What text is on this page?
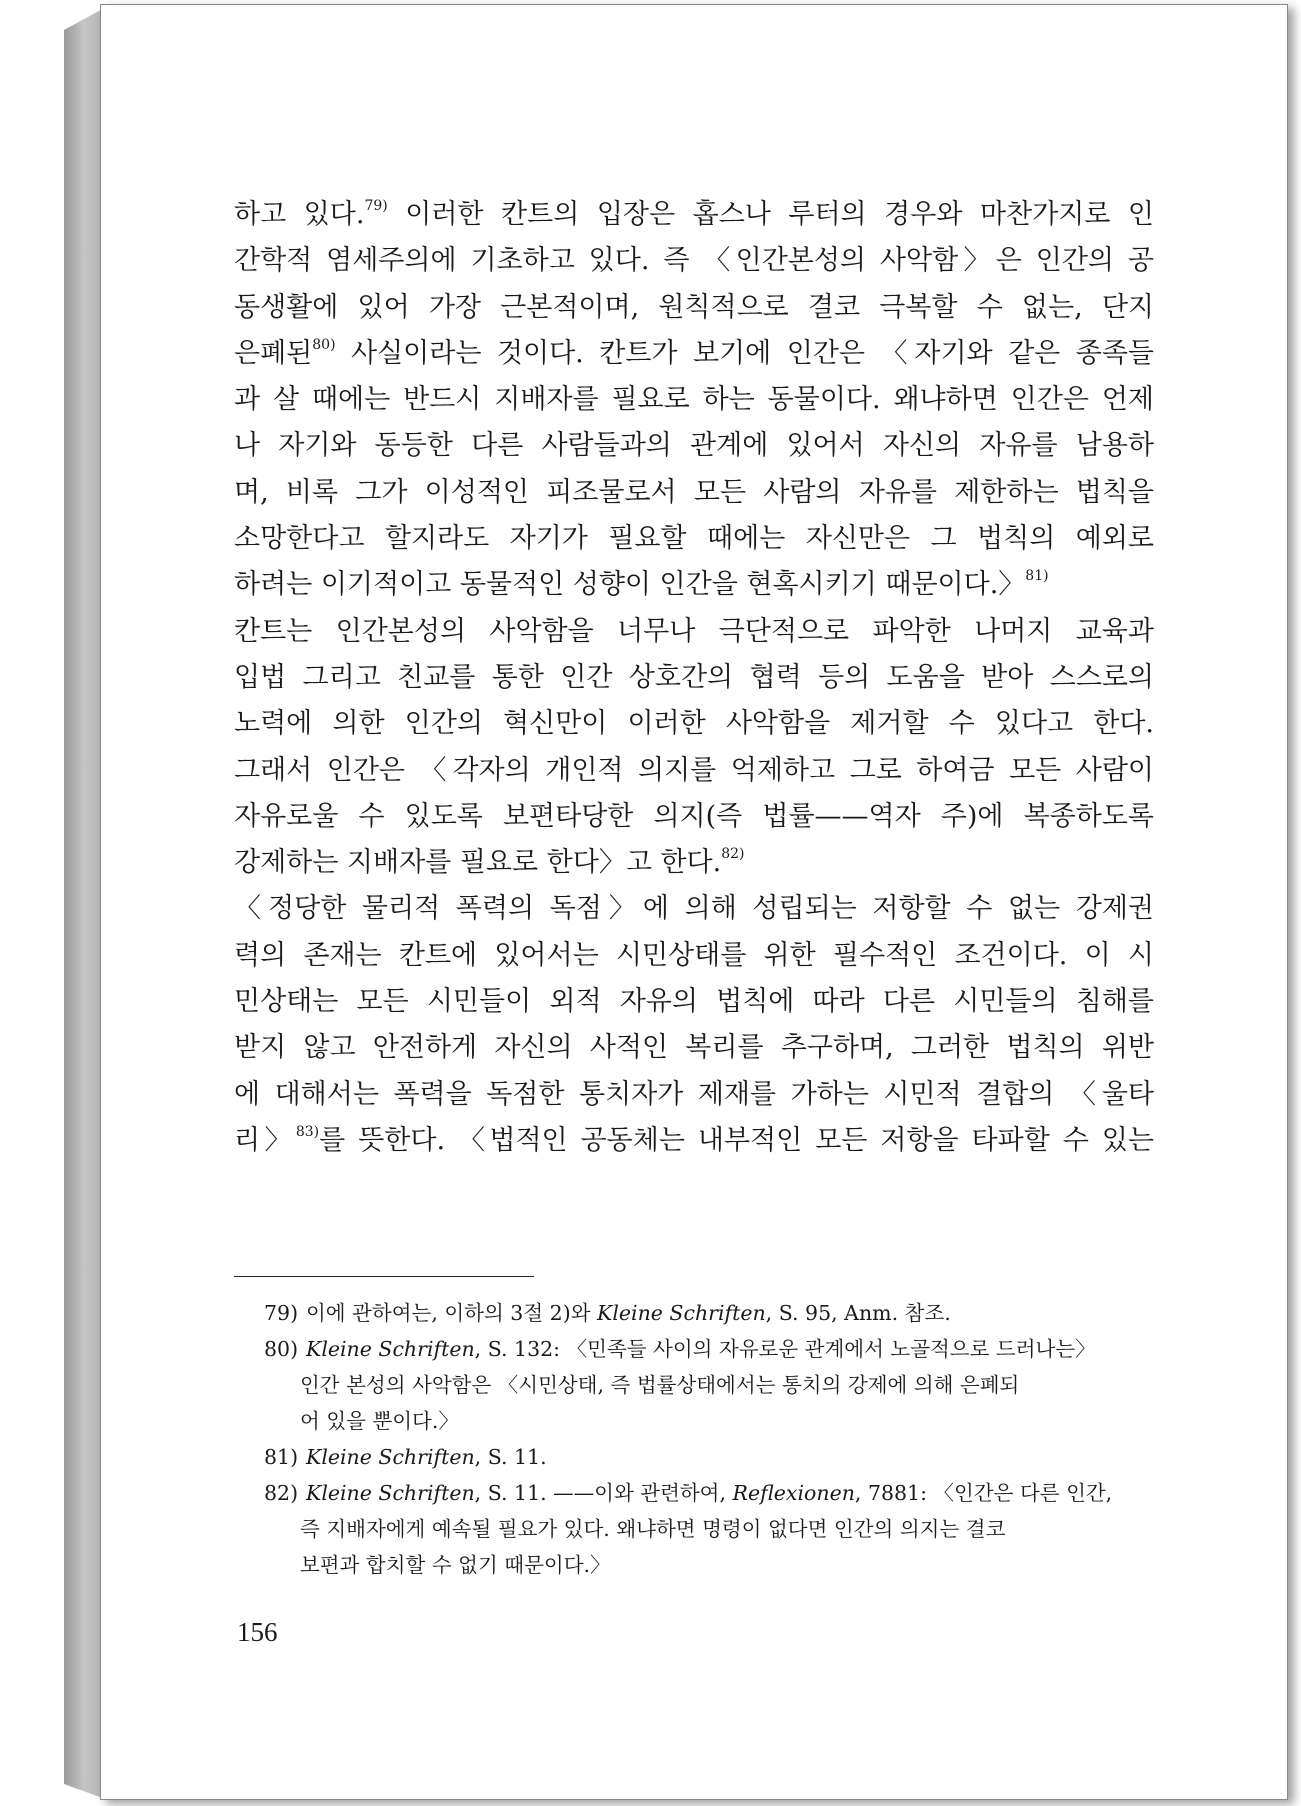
하고 있다.$^{79)}$ 이러한 칸트의 입장은 홉스나 루터의 경우와 마찬가지로 인
간학적 염세주의에 기초하고 있다. 즉 〈인간본성의 사악함〉은 인간의 공
동생활에 있어 가장 근본적이며, 원칙적으로 결코 극복할 수 없는, 단지
은폐된$^{80)}$ 사실이라는 것이다. 칸트가 보기에 인간은 〈자기와 같은 종족들
과 살 때에는 반드시 지배자를 필요로 하는 동물이다. 왜냐하면 인간은 언제
나 자기와 동등한 다른 사람들과의 관계에 있어서 자신의 자유를 남용하
며, 비록 그가 이성적인 피조물로서 모든 사람의 자유를 제한하는 법칙을
소망한다고 할지라도 자기가 필요할 때에는 자신만은 그 법칙의 예외로
하려는 이기적이고 동물적인 성향이 인간을 현혹시키기 때문이다.〉$^{81)}$
칸트는 인간본성의 사악함을 너무나 극단적으로 파악한 나머지 교육과
입법 그리고 친교를 통한 인간 상호간의 협력 등의 도움을 받아 스스로의
노력에 의한 인간의 혁신만이 이러한 사악함을 제거할 수 있다고 한다.
그래서 인간은 〈각자의 개인적 의지를 억제하고 그로 하여금 모든 사람이
자유로울 수 있도록 보편타당한 의지(즉 법률——역자 주)에 복종하도록
강제하는 지배자를 필요로 한다〉고 한다.$^{82)}$
〈정당한 물리적 폭력의 독점〉에 의해 성립되는 저항할 수 없는 강제권
력의 존재는 칸트에 있어서는 시민상태를 위한 필수적인 조건이다. 이 시
민상태는 모든 시민들이 외적 자유의 법칙에 따라 다른 시민들의 침해를
받지 않고 안전하게 자신의 사적인 복리를 추구하며, 그러한 법칙의 위반
에 대해서는 폭력을 독점한 통치자가 제재를 가하는 시민적 결합의 〈울타
리〉$^{83)}$를 뜻한다. 〈법적인 공동체는 내부적인 모든 저항을 타파할 수 있는
79) 이에 관하여는, 이하의 3절 2)와 Kleine Schriften, S. 95, Anm. 참조.
80) Kleine Schriften, S. 132: 〈민족들 사이의 자유로운 관계에서 노골적으로 드러나는〉
인간 본성의 사악함은 〈시민상태, 즉 법률상태에서는 통치의 강제에 의해 은폐되
어 있을 뿐이다.〉
81) Kleine Schriften, S. 11.
82) Kleine Schriften, S. 11. ——이와 관련하여, Reflexionen, 7881: 〈인간은 다른 인간,
즉 지배자에게 예속될 필요가 있다. 왜냐하면 명령이 없다면 인간의 의지는 결코
보편과 합치할 수 없기 때문이다.〉
156
